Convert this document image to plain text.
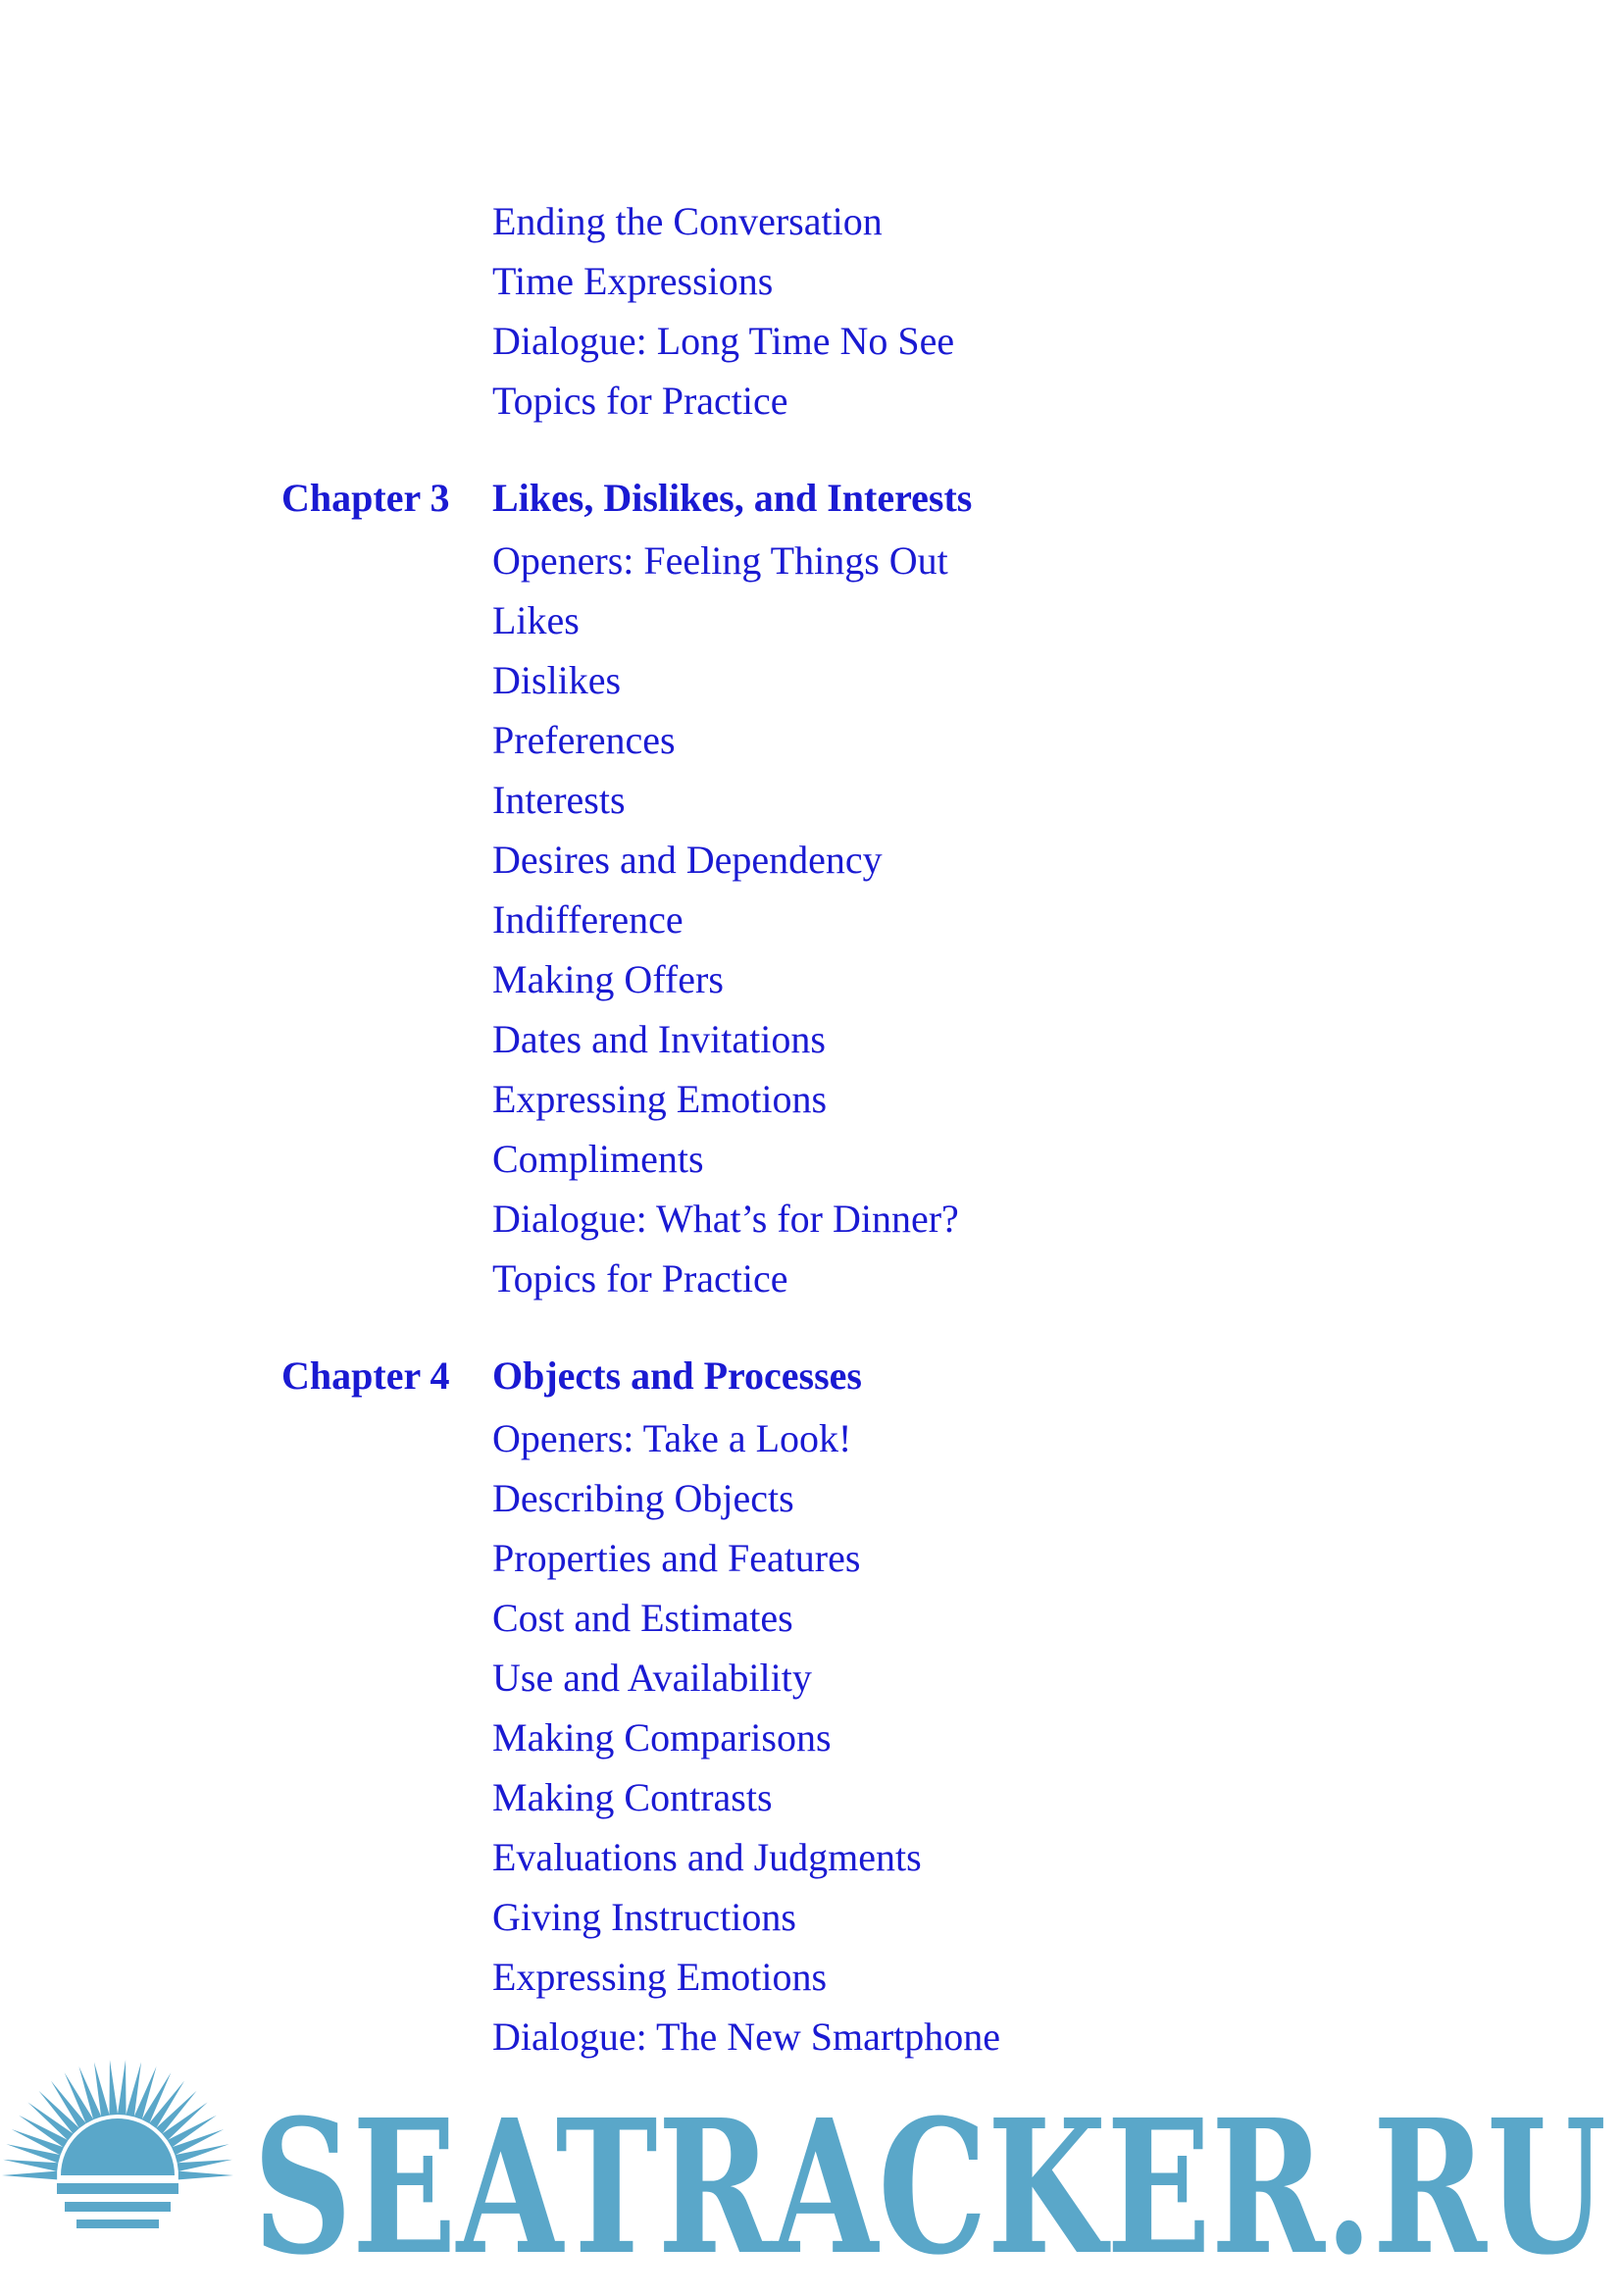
Ending the Conversation
Time Expressions
Dialogue: Long Time No See
Topics for Practice
Chapter 3 Likes, Dislikes, and Interests
Openers: Feeling Things Out
Likes
Dislikes
Preferences
Interests
Desires and Dependency
Indifference
Making Offers
Dates and Invitations
Expressing Emotions
Compliments
Dialogue: What’s for Dinner?
Topics for Practice
Chapter 4 Objects and Processes
Openers: Take a Look!
Describing Objects
Properties and Features
Cost and Estimates
Use and Availability
Making Comparisons
Making Contrasts
Evaluations and Judgments
Giving Instructions
Expressing Emotions
Dialogue: The New Smartphone
SEATRACKER.RU
